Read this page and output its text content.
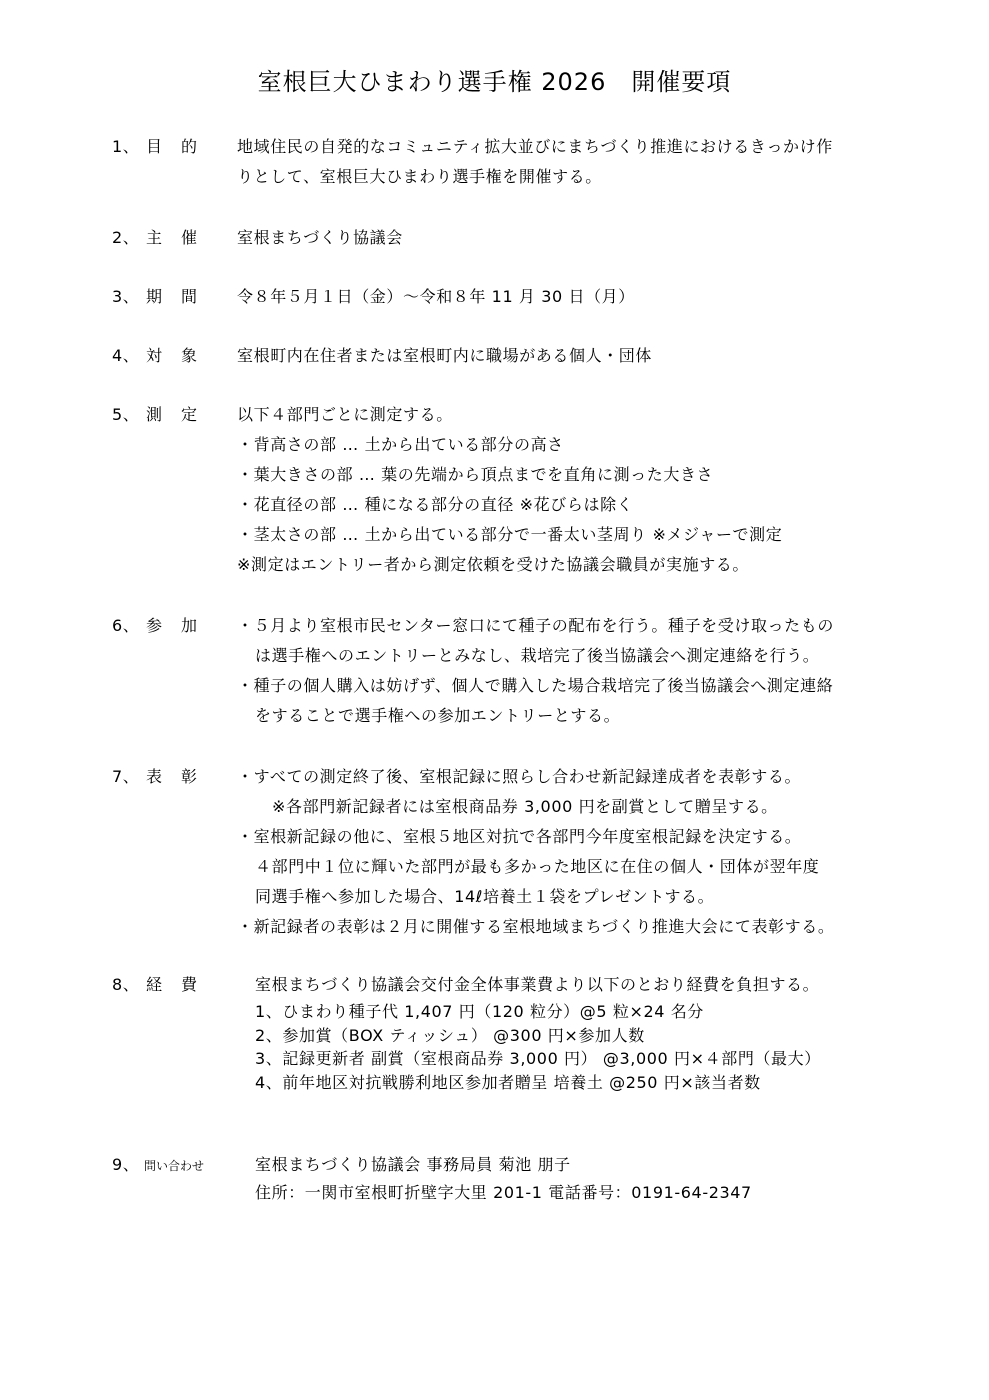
室根巨大ひまわり選手権 2026　開催要項
1、 目 的 地域住民の自発的なコミュニティ拡大並びにまちづくり推進におけるきっかけ作
りとして、室根巨大ひまわり選手権を開催する。
2、 主 催 室根まちづくり協議会
3、 期 間 令８年５月１日（金）～令和８年 11 月 30 日（月）
4、 対 象 室根町内在住者または室根町内に職場がある個人・団体
5、 測 定 以下４部門ごとに測定する。
・背高さの部 … 土から出ている部分の高さ
・葉大きさの部 … 葉の先端から頂点までを直角に測った大きさ
・花直径の部 … 種になる部分の直径 ※花びらは除く
・茎太さの部 … 土から出ている部分で一番太い茎周り ※メジャーで測定
※測定はエントリー者から測定依頼を受けた協議会職員が実施する。
6、 参 加 ・５月より室根市民センター窓口にて種子の配布を行う。種子を受け取ったもの
は選手権へのエントリーとみなし、栽培完了後当協議会へ測定連絡を行う。
・種子の個人購入は妨げず、個人で購入した場合栽培完了後当協議会へ測定連絡
をすることで選手権への参加エントリーとする。
7、 表 彰 ・すべての測定終了後、室根記録に照らし合わせ新記録達成者を表彰する。
※各部門新記録者には室根商品券 3,000 円を副賞として贈呈する。
・室根新記録の他に、室根５地区対抗で各部門今年度室根記録を決定する。
４部門中１位に輝いた部門が最も多かった地区に在住の個人・団体が翌年度
同選手権へ参加した場合、14ℓ培養土１袋をプレゼントする。
・新記録者の表彰は２月に開催する室根地域まちづくり推進大会にて表彰する。
8、 経 費	室根まちづくり協議会交付金全体事業費より以下のとおり経費を負担する。
1、ひまわり種子代 1,407 円（120 粒分）@5 粒×24 名分
2、参加賞（BOX ティッシュ） @300 円×参加人数
3、記録更新者 副賞（室根商品券 3,000 円） @3,000 円×４部門（最大）
4、前年地区対抗戦勝利地区参加者贈呈 培養土 @250 円×該当者数
9、 問い合わせ	室根まちづくり協議会 事務局員 菊池 朋子
住所：一関市室根町折壁字大里 201-1 電話番号：0191-64-2347
